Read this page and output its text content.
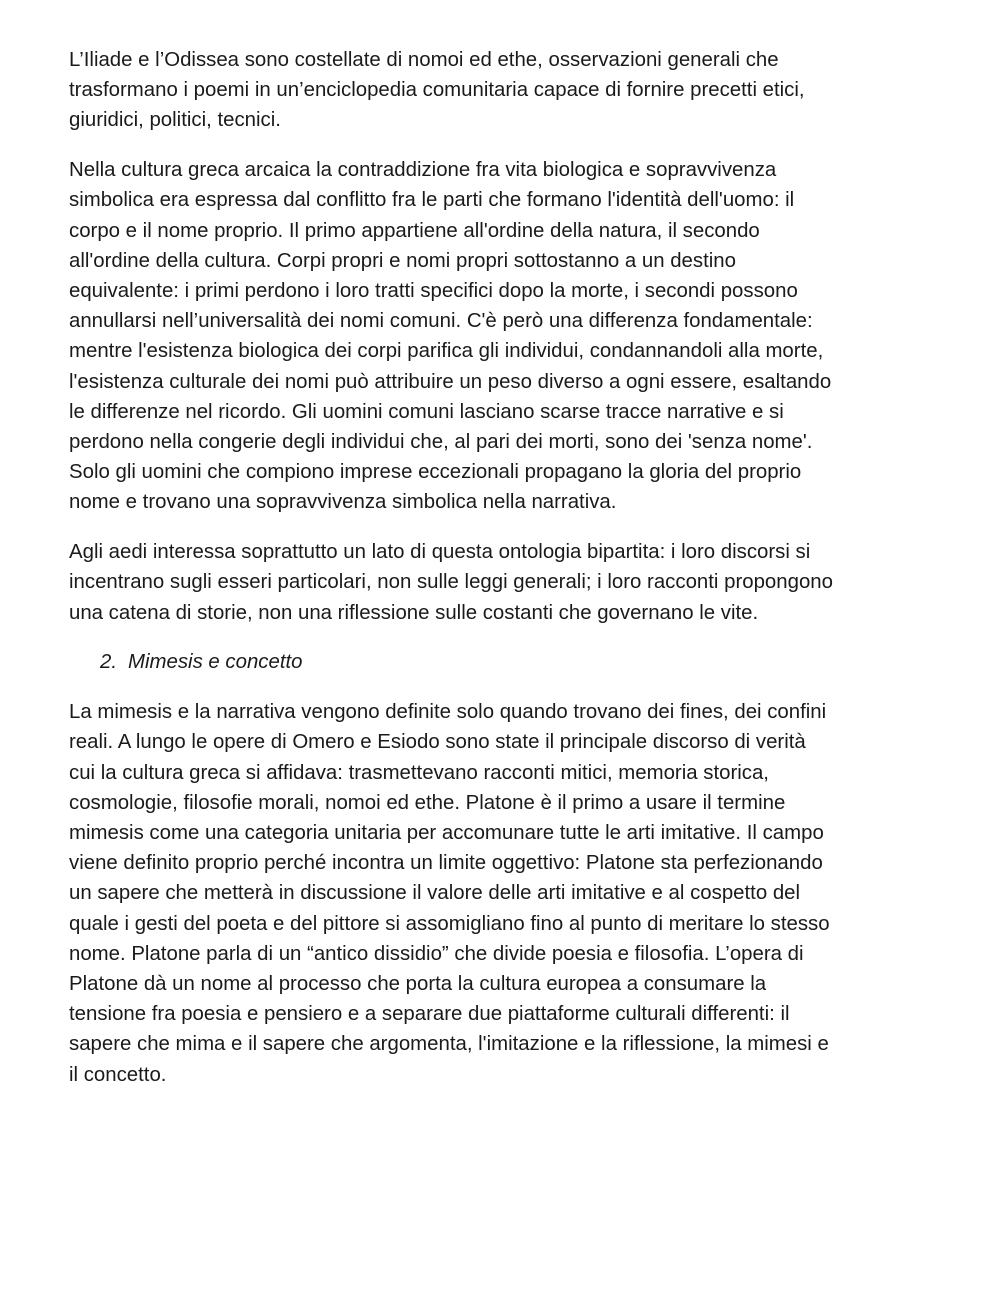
L’Iliade e l’Odissea sono costellate di nomoi ed ethe, osservazioni generali che
trasformano i poemi in un’enciclopedia comunitaria capace di fornire precetti etici,
giuridici, politici, tecnici.

Nella cultura greca arcaica la contraddizione fra vita biologica e sopravvivenza
simbolica era espressa dal conflitto fra le parti che formano l'identità dell'uomo: il
corpo e il nome proprio. Il primo appartiene all'ordine della natura, il secondo
all'ordine della cultura. Corpi propri e nomi propri sottostanno a un destino
equivalente: i primi perdono i loro tratti specifici dopo la morte, i secondi possono
annullarsi nell’universalità dei nomi comuni. C'è però una differenza fondamentale:
mentre l'esistenza biologica dei corpi parifica gli individui, condannandoli alla morte,
l'esistenza culturale dei nomi può attribuire un peso diverso a ogni essere, esaltando
le differenze nel ricordo. Gli uomini comuni lasciano scarse tracce narrative e si
perdono nella congerie degli individui che, al pari dei morti, sono dei 'senza nome'.
Solo gli uomini che compiono imprese eccezionali propagano la gloria del proprio
nome e trovano una sopravvivenza simbolica nella narrativa.

Agli aedi interessa soprattutto un lato di questa ontologia bipartita: i loro discorsi si
incentrano sugli esseri particolari, non sulle leggi generali; i loro racconti propongono
una catena di storie, non una riflessione sulle costanti che governano le vite.

2. Mimesis e concetto

La mimesis e la narrativa vengono definite solo quando trovano dei fines, dei confini
reali. A lungo le opere di Omero e Esiodo sono state il principale discorso di verità
cui la cultura greca si affidava: trasmettevano racconti mitici, memoria storica,
cosmologie, filosofie morali, nomoi ed ethe. Platone è il primo a usare il termine
mimesis come una categoria unitaria per accomunare tutte le arti imitative. Il campo
viene definito proprio perché incontra un limite oggettivo: Platone sta perfezionando
un sapere che metterà in discussione il valore delle arti imitative e al cospetto del
quale i gesti del poeta e del pittore si assomigliano fino al punto di meritare lo stesso
nome. Platone parla di un “antico dissidio” che divide poesia e filosofia. L’opera di
Platone dà un nome al processo che porta la cultura europea a consumare la
tensione fra poesia e pensiero e a separare due piattaforme culturali differenti: il
sapere che mima e il sapere che argomenta, l'imitazione e la riflessione, la mimesi e
il concetto.
